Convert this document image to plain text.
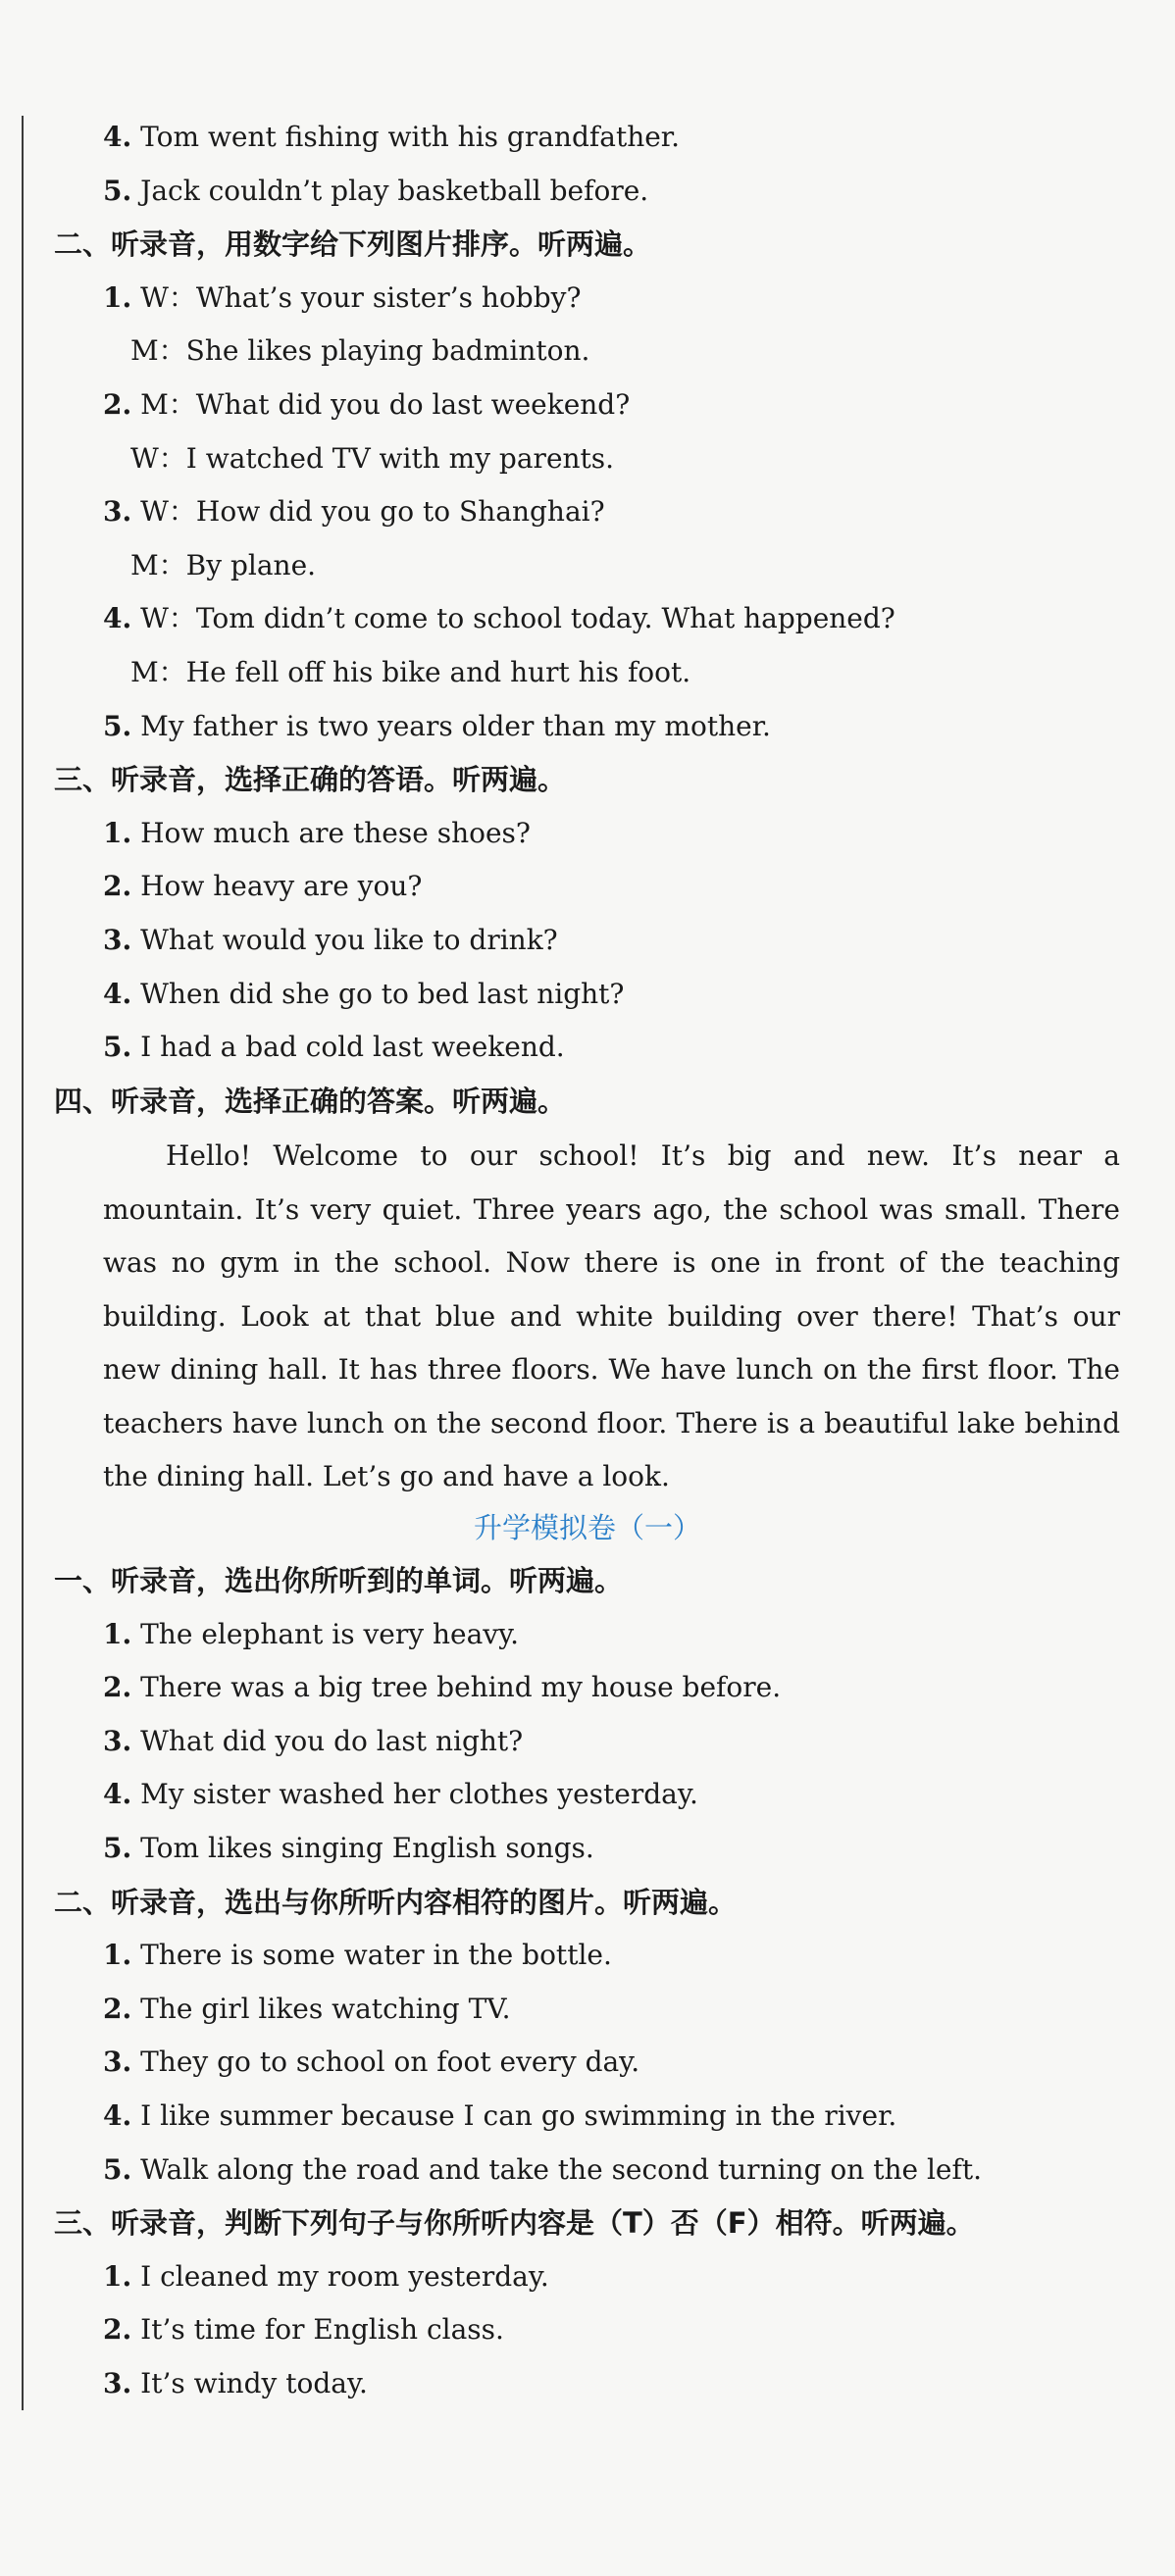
4. Tom went fishing with his grandfather.
5. Jack couldn’t play basketball before.
二、听录音，用数字给下列图片排序。听两遍。
1. W：What’s your sister’s hobby?
M：She likes playing badminton.
2. M：What did you do last weekend?
W：I watched TV with my parents.
3. W：How did you go to Shanghai?
M：By plane.
4. W：Tom didn’t come to school today. What happened?
M：He fell off his bike and hurt his foot.
5. My father is two years older than my mother.
三、听录音，选择正确的答语。听两遍。
1. How much are these shoes?
2. How heavy are you?
3. What would you like to drink?
4. When did she go to bed last night?
5. I had a bad cold last weekend.
四、听录音，选择正确的答案。听两遍。
Hello! Welcome to our school! It’s big and new. It’s near a mountain. It’s very quiet. Three years ago, the school was small. There was no gym in the school. Now there is one in front of the teaching building. Look at that blue and white building over there! That’s our new dining hall. It has three floors. We have lunch on the first floor. The teachers have lunch on the second floor. There is a beautiful lake behind the dining hall. Let’s go and have a look.
升学模拟卷（一）
一、听录音，选出你所听到的单词。听两遍。
1. The elephant is very heavy.
2. There was a big tree behind my house before.
3. What did you do last night?
4. My sister washed her clothes yesterday.
5. Tom likes singing English songs.
二、听录音，选出与你所听内容相符的图片。听两遍。
1. There is some water in the bottle.
2. The girl likes watching TV.
3. They go to school on foot every day.
4. I like summer because I can go swimming in the river.
5. Walk along the road and take the second turning on the left.
三、听录音，判断下列句子与你所听内容是（T）否（F）相符。听两遍。
1. I cleaned my room yesterday.
2. It’s time for English class.
3. It’s windy today.
